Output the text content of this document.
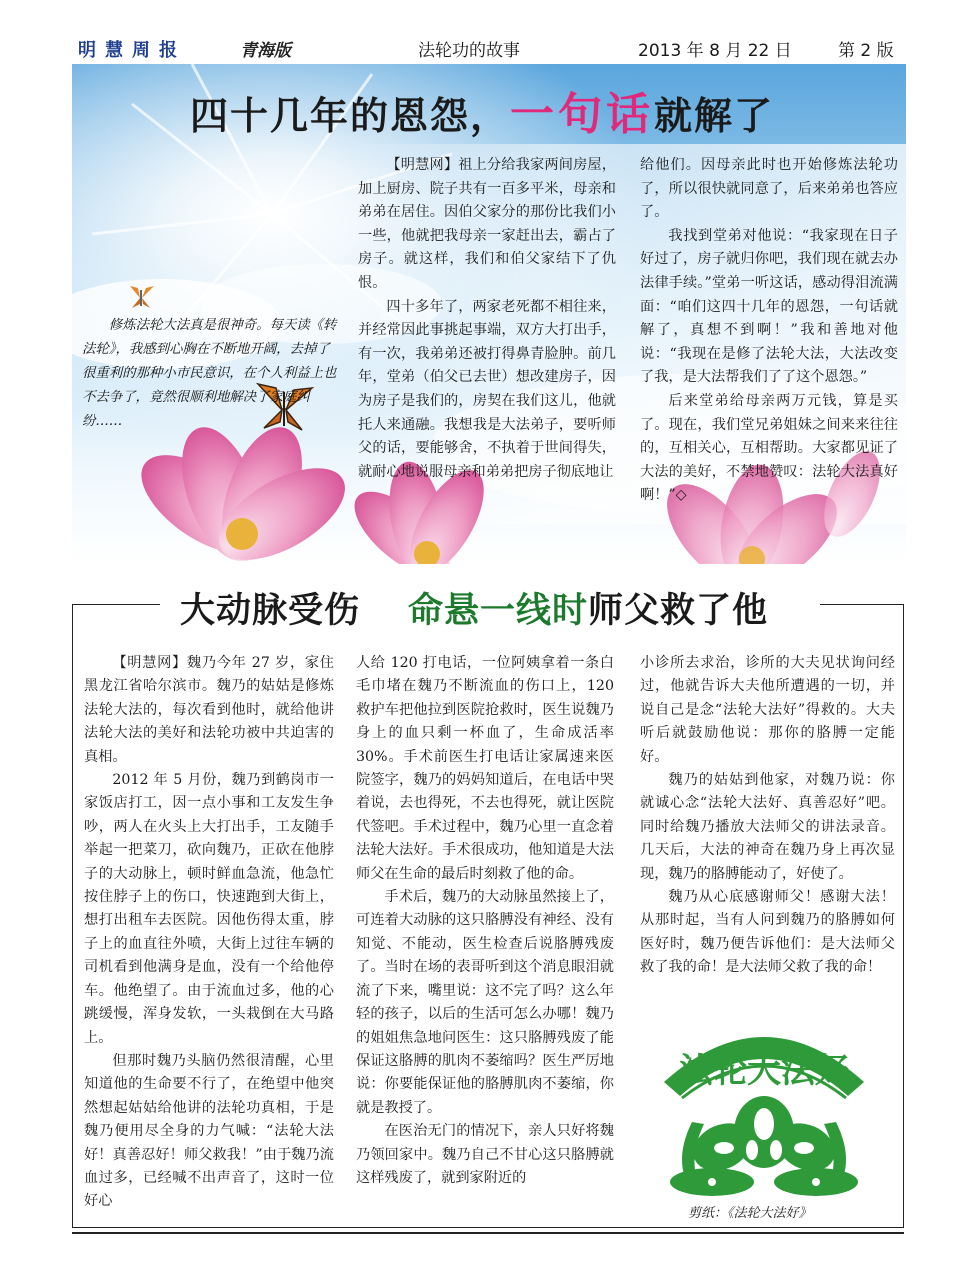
明慧周报	青海版	法轮功的故事	2013 年 8 月 22 日	第 2 版
四十几年的恩怨，一句话就解了
修炼法轮大法真是很神奇。每天读《转法轮》，我感到心胸在不断地开阔，去掉了很重利的那种小市民意识，在个人利益上也不去争了，竟然很顺利地解决了家庭纠纷……

【明慧网】祖上分给我家两间房屋，加上厨房、院子共有一百多平米，母亲和弟弟在居住。因伯父家分的那份比我们小一些，他就把我母亲一家赶出去，霸占了房子。就这样，我们和伯父家结下了仇恨。

四十多年了，两家老死都不相往来，并经常因此事挑起事端，双方大打出手，有一次，我弟弟还被打得鼻青脸肿。前几年，堂弟（伯父已去世）想改建房子，因为房子是我们的，房契在我们这儿，他就托人来通融。我想我是大法弟子，要听师父的话，要能够舍，不执着于世间得失，就耐心地说服母亲和弟弟把房子彻底地让

给他们。因母亲此时也开始修炼法轮功了，所以很快就同意了，后来弟弟也答应了。

我找到堂弟对他说：“我家现在日子好过了，房子就归你吧，我们现在就去办法律手续。”堂弟一听这话，感动得泪流满面：“咱们这四十几年的恩怨，一句话就解了，真想不到啊！”我和善地对他说：“我现在是修了法轮大法，大法改变了我，是大法帮我们了了这个恩怨。”

后来堂弟给母亲两万元钱，算是买了。现在，我们堂兄弟姐妹之间来来往往的，互相关心，互相帮助。大家都见证了大法的美好，不禁地赞叹：法轮大法真好啊！”◇

大动脉受伤 命悬一线时师父救了他

【明慧网】魏乃今年 27 岁，家住黑龙江省哈尔滨市。魏乃的姑姑是修炼法轮大法的，每次看到他时，就给他讲法轮大法的美好和法轮功被中共迫害的真相。

2012 年 5 月份，魏乃到鹤岗市一家饭店打工，因一点小事和工友发生争吵，两人在火头上大打出手，工友随手举起一把菜刀，砍向魏乃，正砍在他脖子的大动脉上，顿时鲜血急流，他急忙按住脖子上的伤口，快速跑到大街上，想打出租车去医院。因他伤得太重，脖子上的血直往外喷，大街上过往车辆的司机看到他满身是血，没有一个给他停车。他绝望了。由于流血过多，他的心跳缓慢，浑身发软，一头栽倒在大马路上。

但那时魏乃头脑仍然很清醒，心里知道他的生命要不行了，在绝望中他突然想起姑姑给他讲的法轮功真相，于是魏乃便用尽全身的力气喊：“法轮大法好！真善忍好！师父救我！”由于魏乃流血过多，已经喊不出声音了，这时一位好心

人给 120 打电话，一位阿姨拿着一条白毛巾堵在魏乃不断流血的伤口上，120 救护车把他拉到医院抢救时，医生说魏乃身上的血只剩一杯血了，生命成活率 30%。手术前医生打电话让家属速来医院签字，魏乃的妈妈知道后，在电话中哭着说，去也得死，不去也得死，就让医院代签吧。手术过程中，魏乃心里一直念着法轮大法好。手术很成功，他知道是大法师父在生命的最后时刻救了他的命。

手术后，魏乃的大动脉虽然接上了，可连着大动脉的这只胳膊没有神经、没有知觉、不能动，医生检查后说胳膊残废了。当时在场的表哥听到这个消息眼泪就流了下来，嘴里说：这不完了吗？这么年轻的孩子，以后的生活可怎么办哪！魏乃的姐姐焦急地问医生：这只胳膊残废了能保证这胳膊的肌肉不萎缩吗？医生严厉地说：你要能保证他的胳膊肌肉不萎缩，你就是教授了。

在医治无门的情况下，亲人只好将魏乃领回家中。魏乃自己不甘心这只胳膊就这样残废了，就到家附近的

小诊所去求治，诊所的大夫见状询问经过，他就告诉大夫他所遭遇的一切，并说自己是念“法轮大法好”得救的。大夫听后就鼓励他说：那你的胳膊一定能好。

魏乃的姑姑到他家，对魏乃说：你就诚心念“法轮大法好、真善忍好”吧。同时给魏乃播放大法师父的讲法录音。几天后，大法的神奇在魏乃身上再次显现，魏乃的胳膊能动了，好使了。

魏乃从心底感谢师父！感谢大法！从那时起，当有人问到魏乃的胳膊如何医好时，魏乃便告诉他们：是大法师父救了我的命！是大法师父救了我的命！

法轮大法好
剪纸：《法轮大法好》
